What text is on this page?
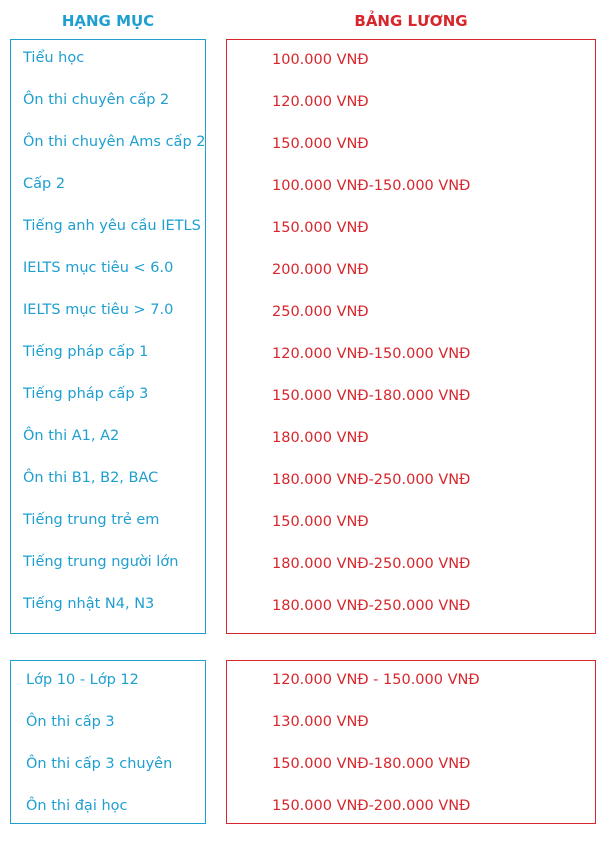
HẠNG MỤC	BẢNG LƯƠNG
Tiểu học
Ôn thi chuyên cấp 2
Ôn thi chuyên Ams cấp 2
Cấp 2
Tiếng anh yêu cầu IETLS
IELTS mục tiêu < 6.0
IELTS mục tiêu > 7.0
Tiếng pháp cấp 1
Tiếng pháp cấp 3
Ôn thi A1, A2
Ôn thi B1, B2, BAC
Tiếng trung trẻ em
Tiếng trung người lớn
Tiếng nhật N4, N3
100.000 VNĐ
120.000 VNĐ
150.000 VNĐ
100.000 VNĐ-150.000 VNĐ
150.000 VNĐ
200.000 VNĐ
250.000 VNĐ
120.000 VNĐ-150.000 VNĐ
150.000 VNĐ-180.000 VNĐ
180.000 VNĐ
180.000 VNĐ-250.000 VNĐ
150.000 VNĐ
180.000 VNĐ-250.000 VNĐ
180.000 VNĐ-250.000 VNĐ
Lớp 10 - Lớp 12
Ôn thi cấp 3
Ôn thi cấp 3 chuyên
Ôn thi đại học
120.000 VNĐ - 150.000 VNĐ
130.000 VNĐ
150.000 VNĐ-180.000 VNĐ
150.000 VNĐ-200.000 VNĐ
